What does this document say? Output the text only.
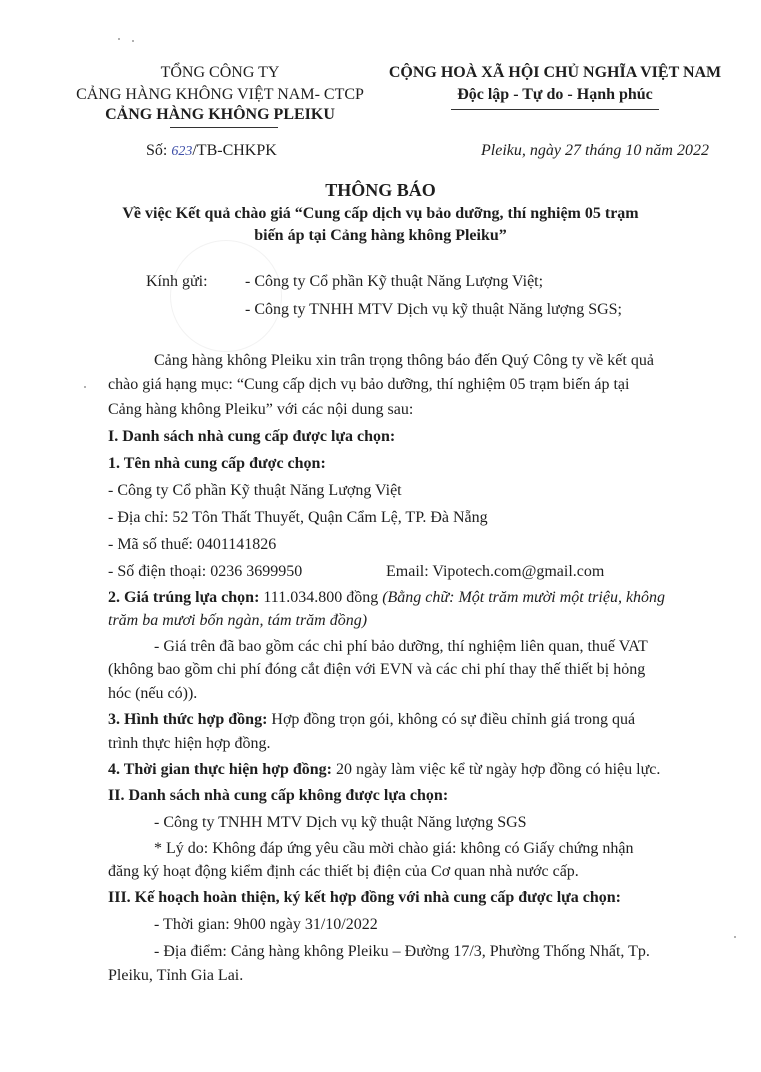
TỔNG CÔNG TY
CẢNG HÀNG KHÔNG VIỆT NAM- CTCP
CẢNG HÀNG KHÔNG PLEIKU
CỘNG HOÀ XÃ HỘI CHỦ NGHĨA VIỆT NAM
Độc lập - Tự do - Hạnh phúc
Số: 623/TB-CHKPK	Pleiku, ngày 27 tháng 10 năm 2022
THÔNG BÁO
Về việc Kết quả chào giá “Cung cấp dịch vụ bảo dưỡng, thí nghiệm 05 trạm
biến áp tại Cảng hàng không Pleiku”
Kính gửi: - Công ty Cổ phần Kỹ thuật Năng Lượng Việt;
- Công ty TNHH MTV Dịch vụ kỹ thuật Năng lượng SGS;
Cảng hàng không Pleiku xin trân trọng thông báo đến Quý Công ty về kết quả
chào giá hạng mục: “Cung cấp dịch vụ bảo dưỡng, thí nghiệm 05 trạm biến áp tại
Cảng hàng không Pleiku” với các nội dung sau:
I. Danh sách nhà cung cấp được lựa chọn:
1. Tên nhà cung cấp được chọn:
- Công ty Cổ phần Kỹ thuật Năng Lượng Việt
- Địa chỉ: 52 Tôn Thất Thuyết, Quận Cẩm Lệ, TP. Đà Nẵng
- Mã số thuế: 0401141826
- Số điện thoại: 0236 3699950	Email: Vipotech.com@gmail.com
2. Giá trúng lựa chọn: 111.034.800 đồng (Bằng chữ: Một trăm mười một triệu, không
trăm ba mươi bốn ngàn, tám trăm đồng)
- Giá trên đã bao gồm các chi phí bảo dưỡng, thí nghiệm liên quan, thuế VAT
(không bao gồm chi phí đóng cắt điện với EVN và các chi phí thay thế thiết bị hỏng
hóc (nếu có)).
3. Hình thức hợp đồng: Hợp đồng trọn gói, không có sự điều chỉnh giá trong quá
trình thực hiện hợp đồng.
4. Thời gian thực hiện hợp đồng: 20 ngày làm việc kể từ ngày hợp đồng có hiệu lực.
II. Danh sách nhà cung cấp không được lựa chọn:
- Công ty TNHH MTV Dịch vụ kỹ thuật Năng lượng SGS
* Lý do: Không đáp ứng yêu cầu mời chào giá: không có Giấy chứng nhận
đăng ký hoạt động kiểm định các thiết bị điện của Cơ quan nhà nước cấp.
III. Kế hoạch hoàn thiện, ký kết hợp đồng với nhà cung cấp được lựa chọn:
- Thời gian: 9h00 ngày 31/10/2022
- Địa điểm: Cảng hàng không Pleiku – Đường 17/3, Phường Thống Nhất, Tp.
Pleiku, Tỉnh Gia Lai.
